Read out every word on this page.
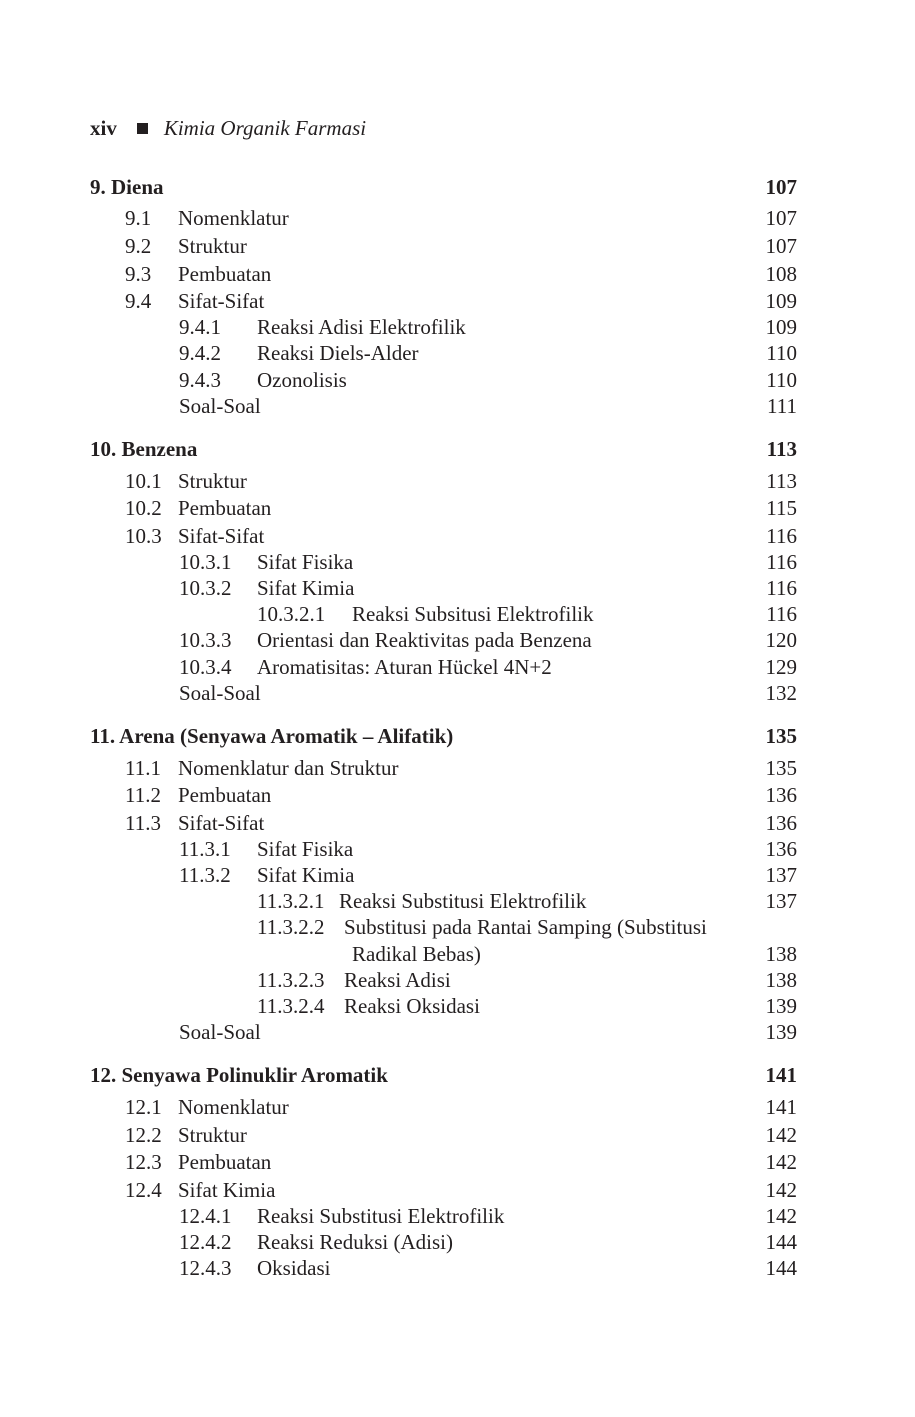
xiv Kimia Organik Farmasi
9. Diena	107
9.1 Nomenklatur	107
9.2 Struktur	107
9.3 Pembuatan	108
9.4 Sifat-Sifat	109
9.4.1 Reaksi Adisi Elektrofilik	109
9.4.2 Reaksi Diels-Alder	110
9.4.3 Ozonolisis	110
Soal-Soal	111
10. Benzena	113
10.1 Struktur	113
10.2 Pembuatan	115
10.3 Sifat-Sifat	116
10.3.1 Sifat Fisika	116
10.3.2 Sifat Kimia	116
10.3.2.1 Reaksi Subsitusi Elektrofilik	116
10.3.3 Orientasi dan Reaktivitas pada Benzena	120
10.3.4 Aromatisitas: Aturan Hückel 4N+2	129
Soal-Soal	132
11. Arena (Senyawa Aromatik – Alifatik)	135
11.1 Nomenklatur dan Struktur	135
11.2 Pembuatan	136
11.3 Sifat-Sifat	136
11.3.1 Sifat Fisika	136
11.3.2 Sifat Kimia	137
11.3.2.1 Reaksi Substitusi Elektrofilik	137
11.3.2.2 Substitusi pada Rantai Samping (Substitusi
Radikal Bebas)	138
11.3.2.3 Reaksi Adisi	138
11.3.2.4 Reaksi Oksidasi	139
Soal-Soal	139
12. Senyawa Polinuklir Aromatik	141
12.1 Nomenklatur	141
12.2 Struktur	142
12.3 Pembuatan	142
12.4 Sifat Kimia	142
12.4.1 Reaksi Substitusi Elektrofilik	142
12.4.2 Reaksi Reduksi (Adisi)	144
12.4.3 Oksidasi	144
